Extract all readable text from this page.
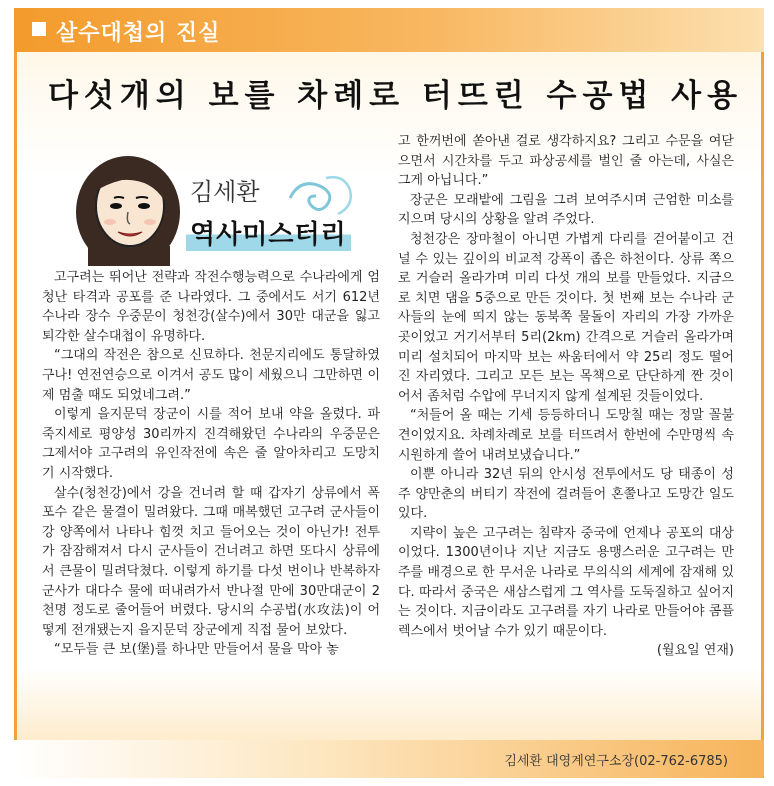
살수대첩의 진실
다섯개의 보를 차례로 터뜨린 수공법 사용
김세환
역사미스터리

고구려는 뛰어난 전략과 작전수행능력으로 수나라에게 엄청난 타격과 공포를 준 나라였다. 그 중에서도 서기 612년 수나라 장수 우중문이 청천강(살수)에서 30만 대군을 잃고 퇴각한 살수대첩이 유명하다.

“그대의 작전은 참으로 신묘하다. 천문지리에도 통달하였구나! 연전연승으로 이겨서 공도 많이 세웠으니 그만하면 이제 멈출 때도 되었네그려.”

이렇게 을지문덕 장군이 시를 적어 보내 약을 올렸다. 파죽지세로 평양성 30리까지 진격해왔던 수나라의 우중문은 그제서야 고구려의 유인작전에 속은 줄 알아차리고 도망치기 시작했다.

살수(청천강)에서 강을 건너려 할 때 갑자기 상류에서 폭포수 같은 물결이 밀려왔다. 그때 매복했던 고구려 군사들이 강 양쪽에서 나타나 힘껏 치고 들어오는 것이 아닌가! 전투가 잠잠해져서 다시 군사들이 건너려고 하면 또다시 상류에서 큰물이 밀려닥쳤다. 이렇게 하기를 다섯 번이나 반복하자 군사가 대다수 물에 떠내려가서 반나절 만에 30만대군이 2천명 정도로 줄어들어 버렸다. 당시의 수공법(水攻法)이 어떻게 전개됐는지 을지문덕 장군에게 직접 물어 보았다.

“모두들 큰 보(堡)를 하나만 만들어서 물을 막아 놓

고 한꺼번에 쏟아낸 걸로 생각하지요? 그리고 수문을 여닫으면서 시간차를 두고 파상공세를 벌인 줄 아는데, 사실은 그게 아닙니다.”

장군은 모래밭에 그림을 그려 보여주시며 근엄한 미소를 지으며 당시의 상황을 알려 주었다.

청천강은 장마철이 아니면 가볍게 다리를 걷어붙이고 건널 수 있는 깊이의 비교적 강폭이 좁은 하천이다. 상류 쪽으로 거슬러 올라가며 미리 다섯 개의 보를 만들었다. 지금으로 치면 댐을 5중으로 만든 것이다. 첫 번째 보는 수나라 군사들의 눈에 띄지 않는 동북쪽 물돌이 자리의 가장 가까운 곳이었고 거기서부터 5리(2km) 간격으로 거슬러 올라가며 미리 설치되어 마지막 보는 싸움터에서 약 25리 정도 떨어진 자리였다. 그리고 모든 보는 목책으로 단단하게 짠 것이어서 좀처럼 수압에 무너지지 않게 설계된 것들이었다.

“처들어 올 때는 기세 등등하더니 도망칠 때는 정말 꼴불견이었지요. 차례차례로 보를 터뜨려서 한번에 수만명씩 속 시원하게 쓸어 내려보냈습니다.”

이뿐 아니라 32년 뒤의 안시성 전투에서도 당 태종이 성주 양만춘의 버티기 작전에 걸려들어 혼쭐나고 도망간 일도 있다.

지략이 높은 고구려는 침략자 중국에 언제나 공포의 대상이었다. 1300년이나 지난 지금도 용맹스러운 고구려는 만주를 배경으로 한 무서운 나라로 무의식의 세계에 잠재해 있다. 따라서 중국은 새삼스럽게 그 역사를 도둑질하고 싶어지는 것이다. 지금이라도 고구려를 자기 나라로 만들어야 콤플렉스에서 벗어날 수가 있기 때문이다.

(월요일 연재)

김세환 대영계연구소장(02-762-6785)
